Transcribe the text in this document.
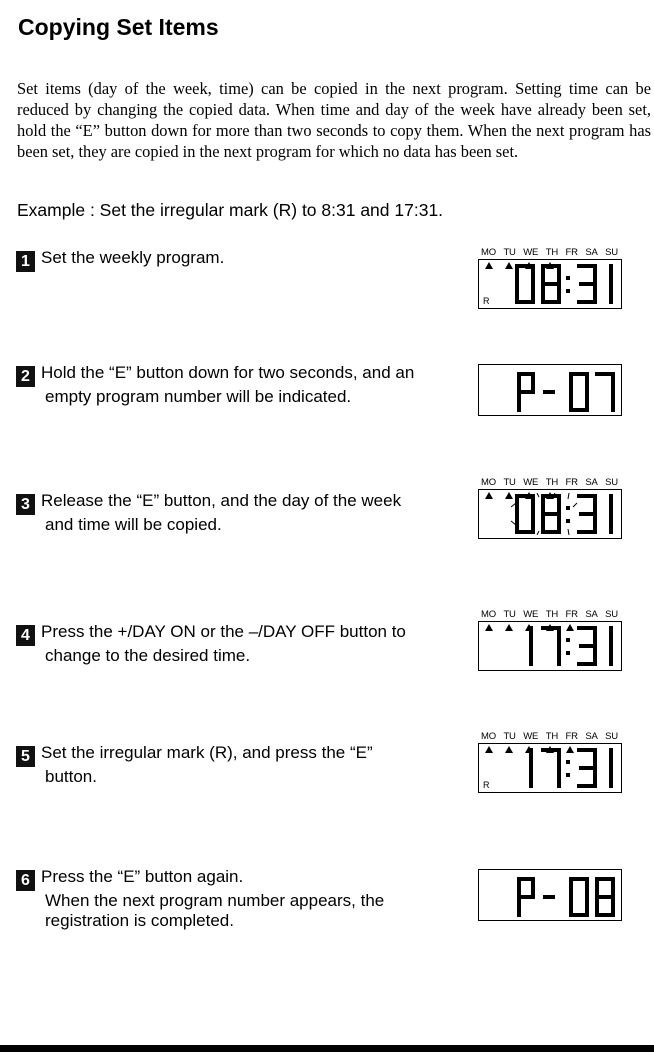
Copying Set Items
Set items (day of the week, time) can be copied in the next program. Setting time can be reduced by changing the copied data. When time and day of the week have already been set, hold the “E” button down for more than two seconds to copy them. When the next program has been set, they are copied in the next program for which no data has been set.
Example : Set the irregular mark (R) to 8:31 and 17:31.
1 Set the weekly program.	MO TU WE TH FR SA SU
R
2 Hold the “E” button down for two seconds, and an
empty program number will be indicated.
3 Release the “E” button, and the day of the week
and time will be copied.
MO TU WE TH FR SA SU
4 Press the +/DAY ON or the –/DAY OFF button to
change to the desired time.
MO TU WE TH FR SA SU
5 Set the irregular mark (R), and press the “E”
button.
MO TU WE TH FR SA SU
R
6 Press the “E” button again.
When the next program number appears, the
registration is completed.
